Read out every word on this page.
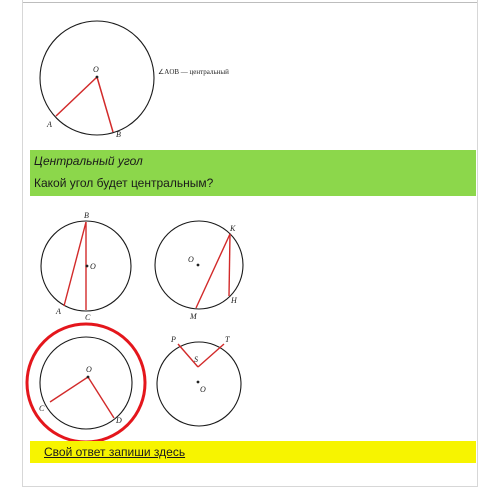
Центральный угол
Какой угол будет центральным?
O
A
B
∠AOB — центральный
B
O
A
C
K
O
H
M
O
C
D
P	T
S
O
Свой ответ запиши здесь
